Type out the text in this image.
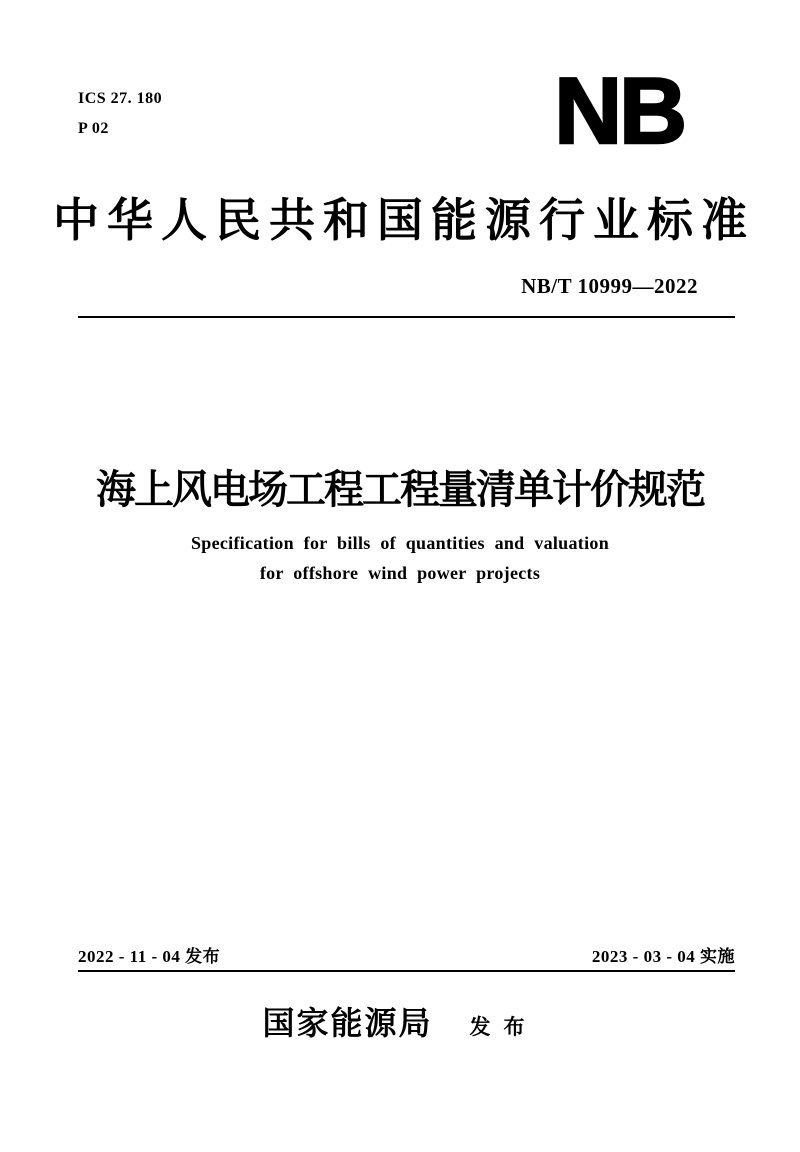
ICS 27. 180
P 02	NB
中华人民共和国能源行业标准
NB/T 10999—2022
海上风电场工程工程量清单计价规范
Specification for bills of quantities and valuation
for offshore wind power projects
2022 - 11 - 04 发布	2023 - 03 - 04 实施
国家能源局	发布
